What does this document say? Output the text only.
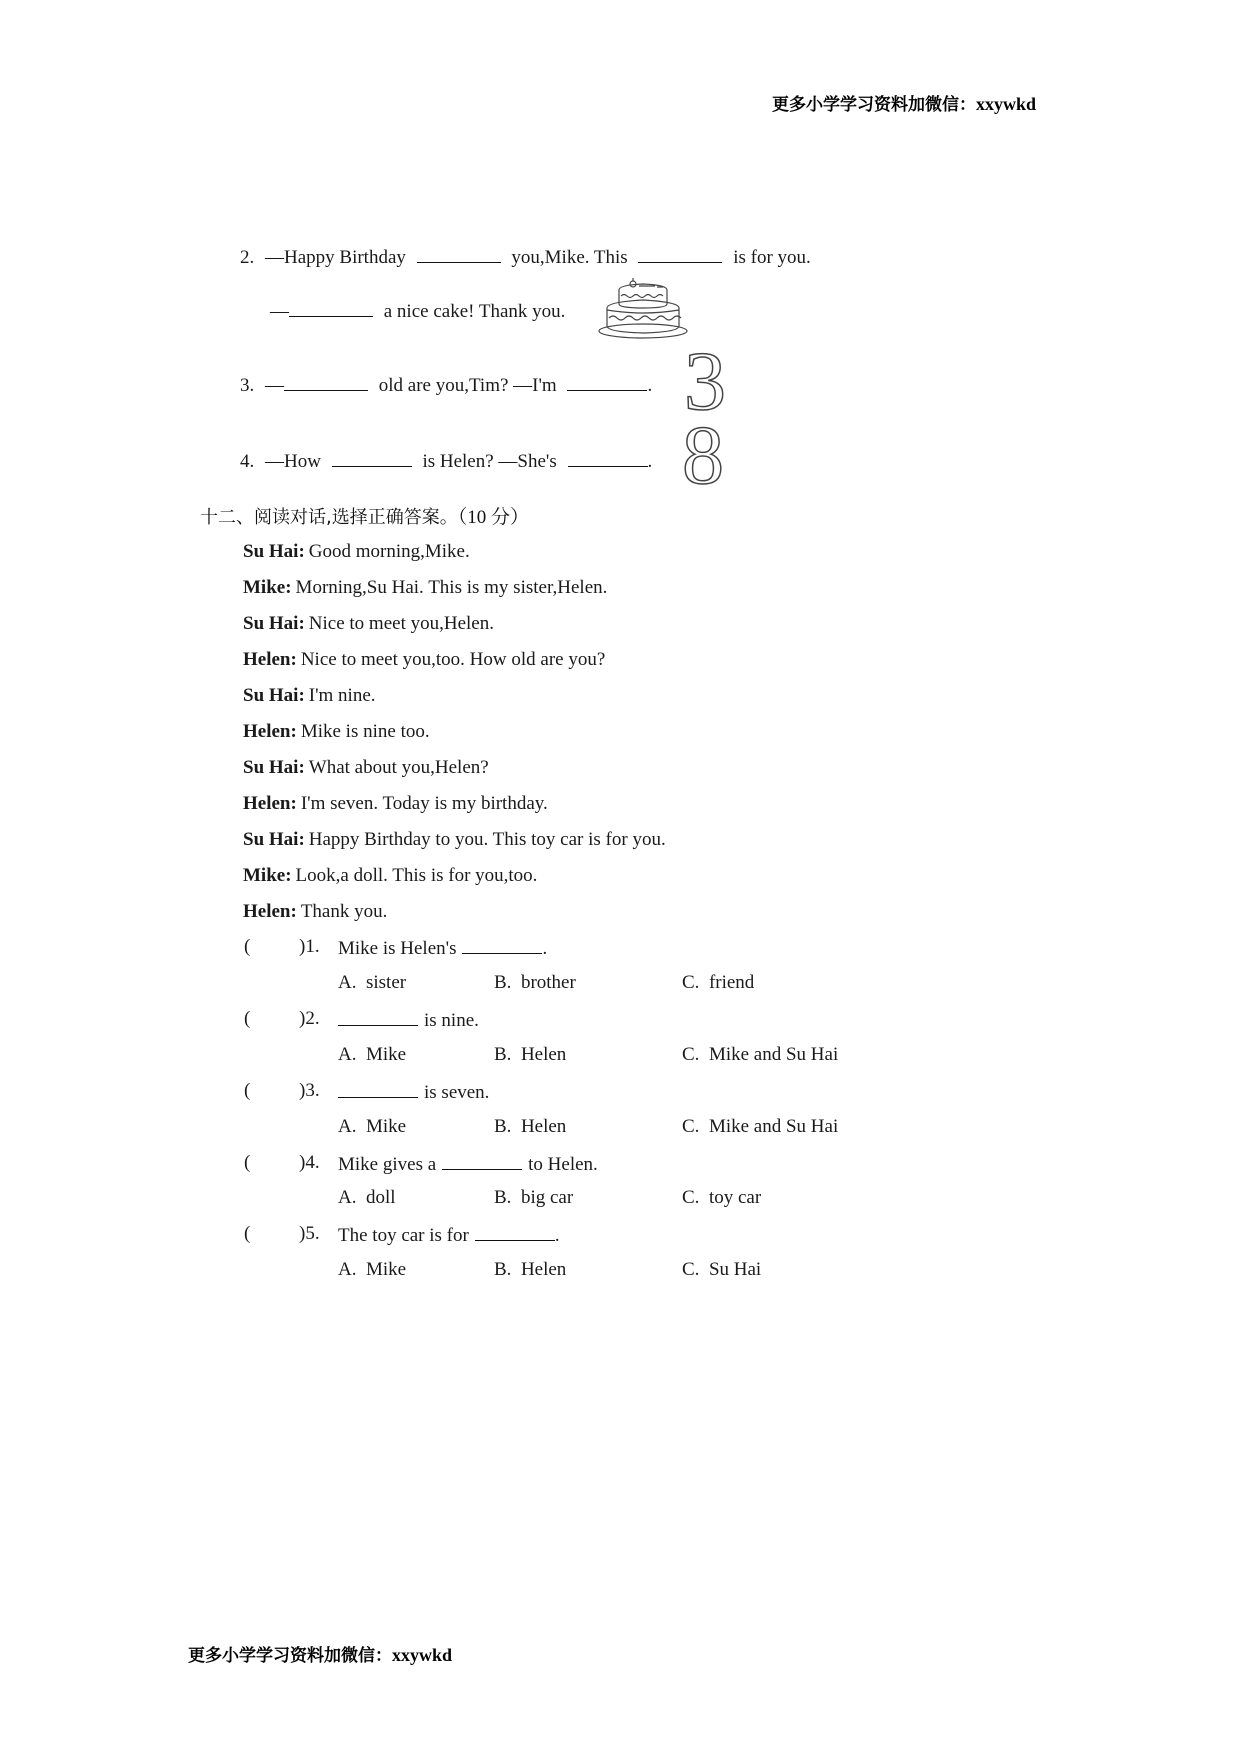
更多小学学习资料加微信：xxywkd
2. —Happy Birthday	you,Mike. This	is for you.
—	a nice cake! Thank you.
3. —	old are you,Tim? —I'm	. 3
4. —How	is Helen? —She's	. 8
十二、阅读对话,选择正确答案。（10 分）
Su Hai: Good morning,Mike.
Mike: Morning,Su Hai. This is my sister,Helen.
Su Hai: Nice to meet you,Helen.
Helen: Nice to meet you,too. How old are you?
Su Hai: I'm nine.
Helen: Mike is nine too.
Su Hai: What about you,Helen?
Helen: I'm seven. Today is my birthday.
Su Hai: Happy Birthday to you. This toy car is for you.
Mike: Look,a doll. This is for you,too.
Helen: Thank you.
(	)1. Mike is Helen's	.
A. sister	B. brother	C. friend
(	)2.	is nine.
A. Mike	B. Helen	C. Mike and Su Hai
(	)3.	is seven.
A. Mike	B. Helen	C. Mike and Su Hai
(	)4. Mike gives a	to Helen.
A. doll	B. big car	C. toy car
(	)5. The toy car is for	.
A. Mike	B. Helen	C. Su Hai
更多小学学习资料加微信：xxywkd
